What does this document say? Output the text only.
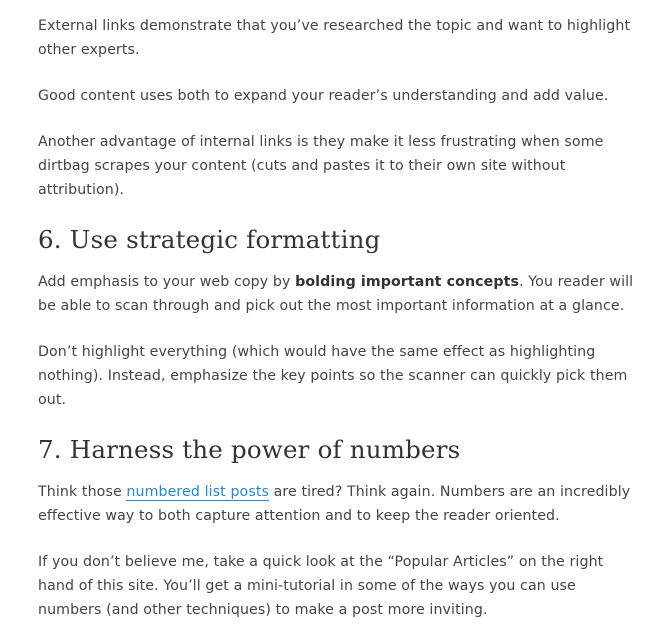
External links demonstrate that you’ve researched the topic and want to highlight other experts.

Good content uses both to expand your reader’s understanding and add value.

Another advantage of internal links is they make it less frustrating when some dirtbag scrapes your content (cuts and pastes it to their own site without attribution).

6. Use strategic formatting

Add emphasis to your web copy by bolding important concepts. You reader will be able to scan through and pick out the most important information at a glance.

Don’t highlight everything (which would have the same effect as highlighting nothing). Instead, emphasize the key points so the scanner can quickly pick them out.

7. Harness the power of numbers

Think those numbered list posts are tired? Think again. Numbers are an incredibly effective way to both capture attention and to keep the reader oriented.

If you don’t believe me, take a quick look at the “Popular Articles” on the right hand of this site. You’ll get a mini-tutorial in some of the ways you can use numbers (and other techniques) to make a post more inviting.
